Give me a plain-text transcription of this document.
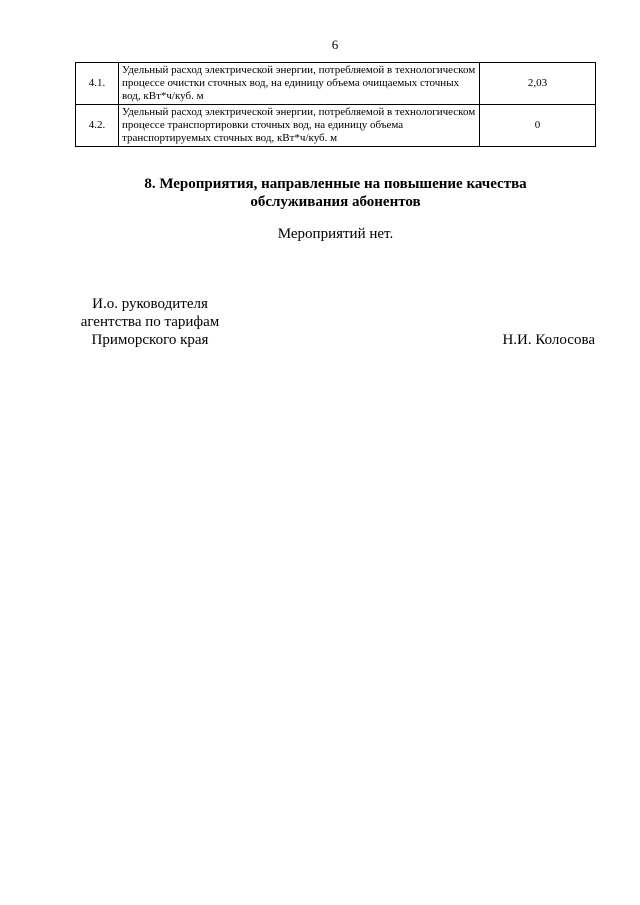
6
4.1.	Удельный расход электрической энергии, потребляемой в технологическом процессе очистки сточных вод, на единицу объема очищаемых сточных вод, кВт*ч/куб. м	2,03
4.2.	Удельный расход электрической энергии, потребляемой в технологическом процессе транспортировки сточных вод, на единицу объема транспортируемых сточных вод, кВт*ч/куб. м	0
8. Мероприятия, направленные на повышение качества
обслуживания абонентов
Мероприятий нет.
И.о. руководителя
агентства по тарифам
Приморского края	Н.И. Колосова
